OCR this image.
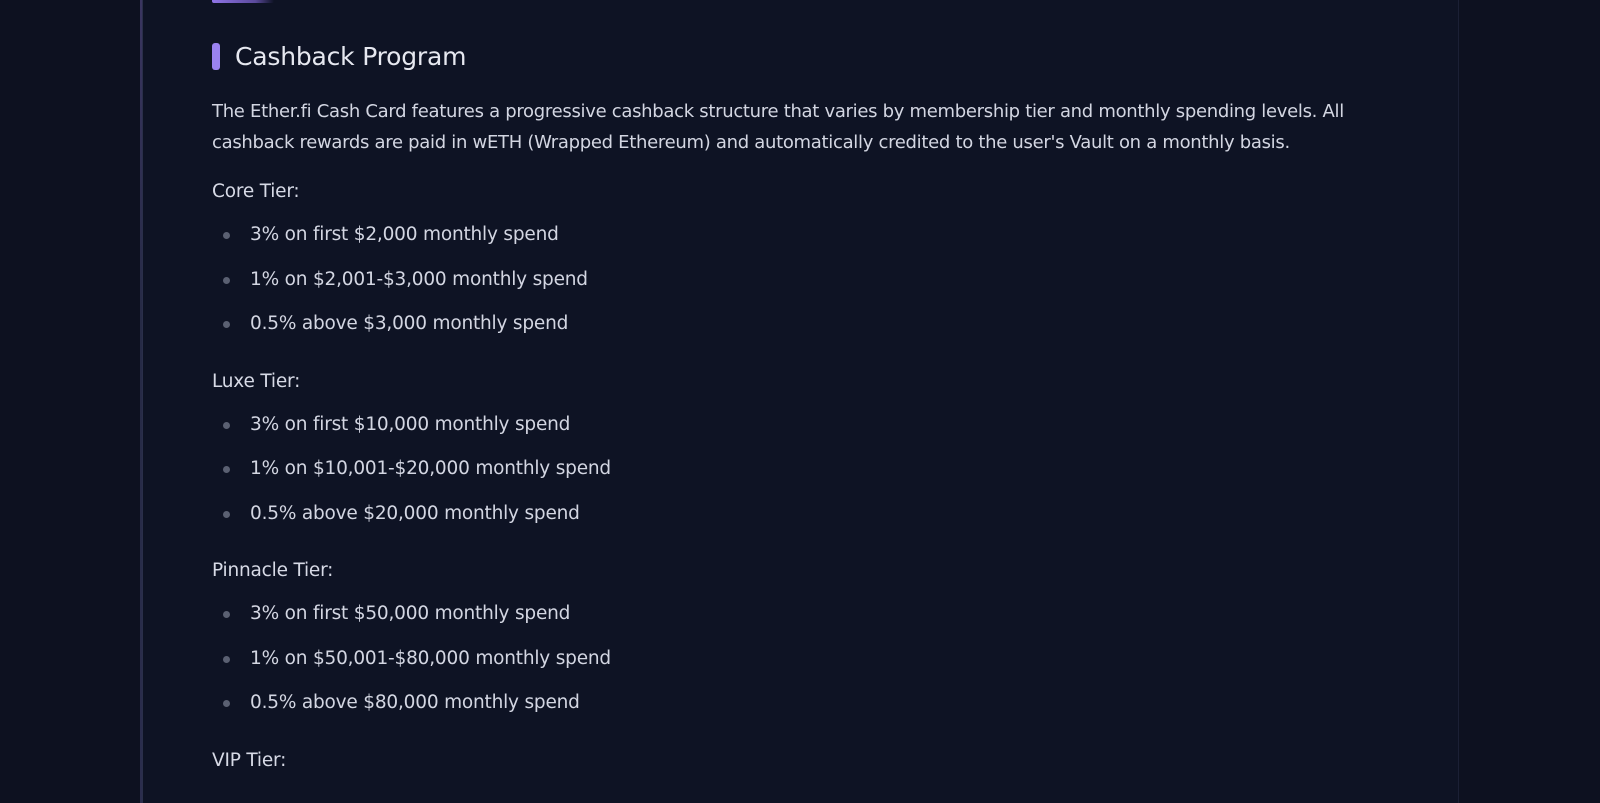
Cashback Program

The Ether.fi Cash Card features a progressive cashback structure that varies by membership tier and monthly spending levels. All cashback rewards are paid in wETH (Wrapped Ethereum) and automatically credited to the user's Vault on a monthly basis.

Core Tier:
3% on first $2,000 monthly spend
1% on $2,001-$3,000 monthly spend
0.5% above $3,000 monthly spend
Luxe Tier:
3% on first $10,000 monthly spend
1% on $10,001-$20,000 monthly spend
0.5% above $20,000 monthly spend
Pinnacle Tier:
3% on first $50,000 monthly spend
1% on $50,001-$80,000 monthly spend
0.5% above $80,000 monthly spend
VIP Tier:
